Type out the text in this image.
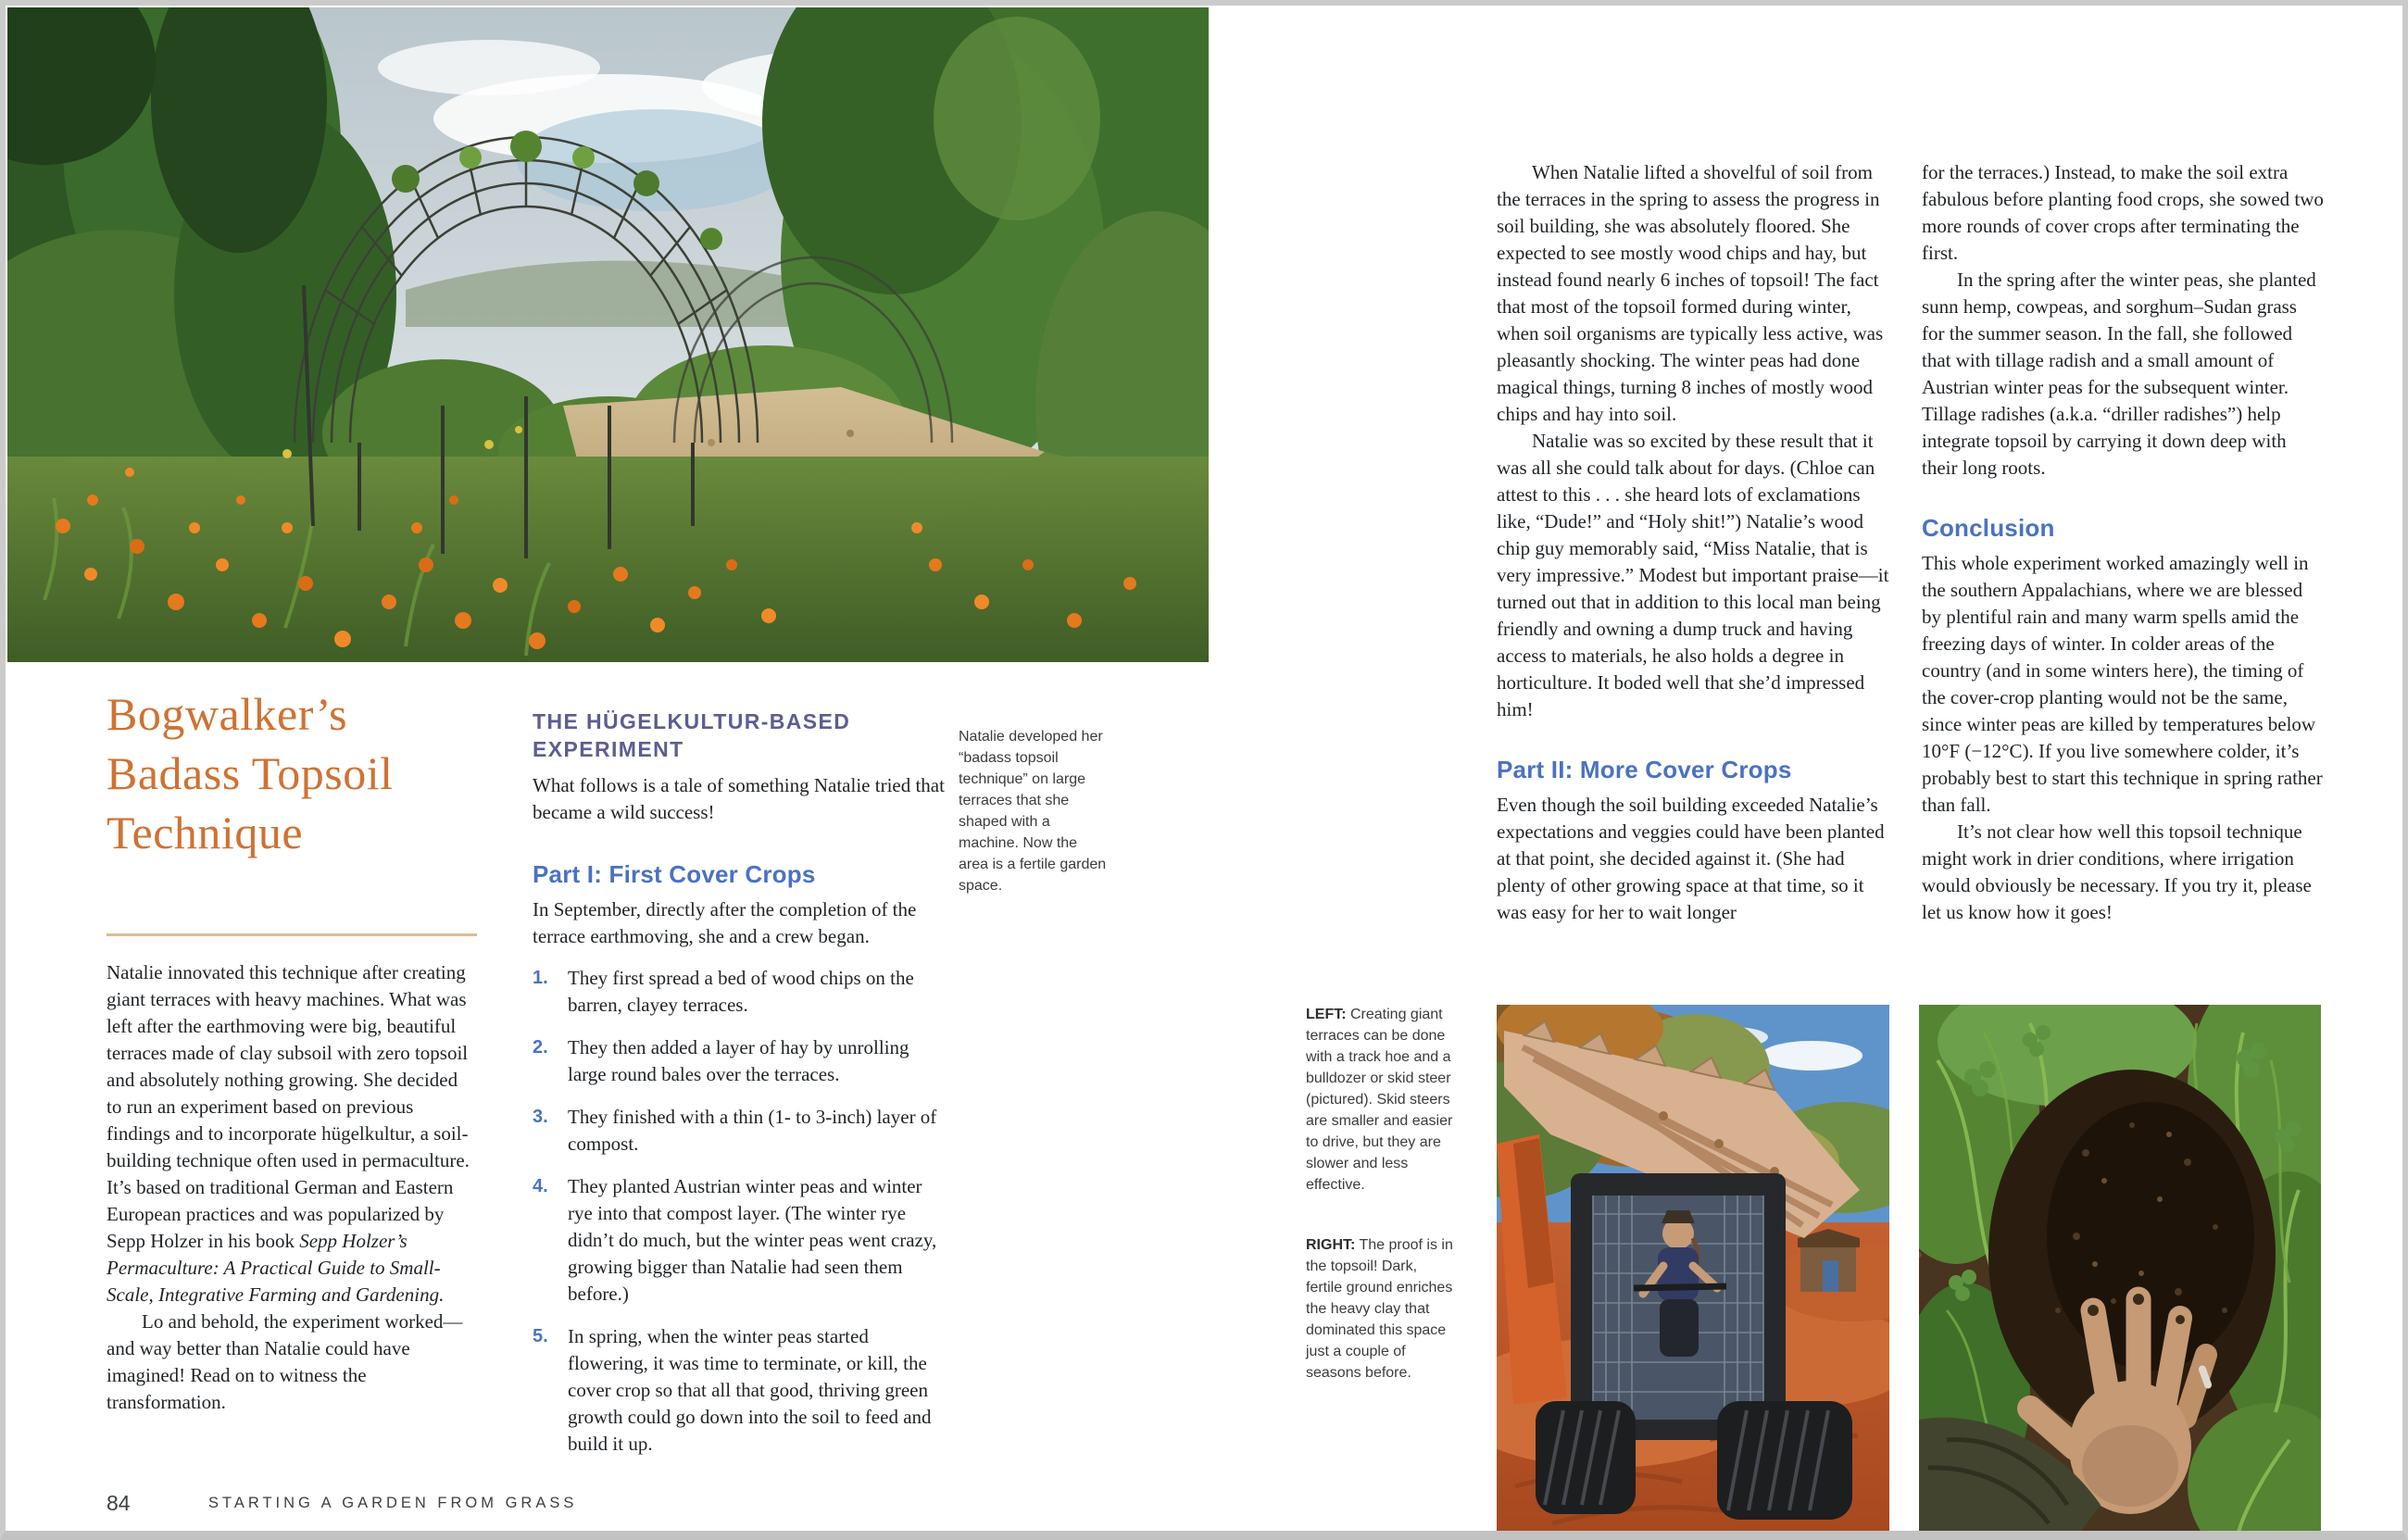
Bogwalker’s
Badass Topsoil
Technique

Natalie innovated this technique after creating giant terraces with heavy machines. What was left after the earthmoving were big, beautiful terraces made of clay subsoil with zero topsoil and absolutely nothing growing. She decided to run an experiment based on previous findings and to incorporate hügelkultur, a soil-building technique often used in permaculture. It’s based on traditional German and Eastern European practices and was popularized by Sepp Holzer in his book Sepp Holzer’s Permaculture: A Practical Guide to Small-Scale, Integrative Farming and Gardening.

Lo and behold, the experiment worked—and way better than Natalie could have imagined! Read on to witness the transformation.

84	STARTING A GARDEN FROM GRASS
THE HÜGELKULTUR-BASED EXPERIMENT

What follows is a tale of something Natalie tried that became a wild success!

Part I: First Cover Crops

In September, directly after the completion of the terrace earthmoving, she and a crew began.

1.	They first spread a bed of wood chips on the barren, clayey terraces.
2.	They then added a layer of hay by unrolling large round bales over the terraces.
3.	They finished with a thin (1- to 3-inch) layer of compost.
4.	They planted Austrian winter peas and winter rye into that compost layer. (The winter rye didn’t do much, but the winter peas went crazy, growing bigger than Natalie had seen them before.)
5.	In spring, when the winter peas started flowering, it was time to terminate, or kill, the cover crop so that all that good, thriving green growth could go down into the soil to feed and build it up.
Natalie developed her “badass topsoil technique” on large terraces that she shaped with a machine. Now the area is a fertile garden space.

When Natalie lifted a shovelful of soil from the terraces in the spring to assess the progress in soil building, she was absolutely floored. She expected to see mostly wood chips and hay, but instead found nearly 6 inches of topsoil! The fact that most of the topsoil formed during winter, when soil organisms are typically less active, was pleasantly shocking. The winter peas had done magical things, turning 8 inches of mostly wood chips and hay into soil.

Natalie was so excited by these result that it was all she could talk about for days. (Chloe can attest to this . . . she heard lots of exclamations like, “Dude!” and “Holy shit!”) Natalie’s wood chip guy memorably said, “Miss Natalie, that is very impressive.” Modest but important praise—it turned out that in addition to this local man being friendly and owning a dump truck and having access to materials, he also holds a degree in horticulture. It boded well that she’d impressed him!

Part II: More Cover Crops

Even though the soil building exceeded Natalie’s expectations and veggies could have been planted at that point, she decided against it. (She had plenty of other growing space at that time, so it was easy for her to wait longer

for the terraces.) Instead, to make the soil extra fabulous before planting food crops, she sowed two more rounds of cover crops after terminating the first.

In the spring after the winter peas, she planted sunn hemp, cowpeas, and sorghum–Sudan grass for the summer season. In the fall, she followed that with tillage radish and a small amount of Austrian winter peas for the subsequent winter. Tillage radishes (a.k.a. “driller radishes”) help integrate topsoil by carrying it down deep with their long roots.

Conclusion

This whole experiment worked amazingly well in the southern Appalachians, where we are blessed by plentiful rain and many warm spells amid the freezing days of winter. In colder areas of the country (and in some winters here), the timing of the cover-crop planting would not be the same, since winter peas are killed by temperatures below 10°F (−12°C). If you live somewhere colder, it’s probably best to start this technique in spring rather than fall.

It’s not clear how well this topsoil technique might work in drier conditions, where irrigation would obviously be necessary. If you try it, please let us know how it goes!

LEFT: Creating giant terraces can be done with a track hoe and a bulldozer or skid steer (pictured). Skid steers are smaller and easier to drive, but they are slower and less effective.
RIGHT: The proof is in the topsoil! Dark, fertile ground enriches the heavy clay that dominated this space just a couple of seasons before.
